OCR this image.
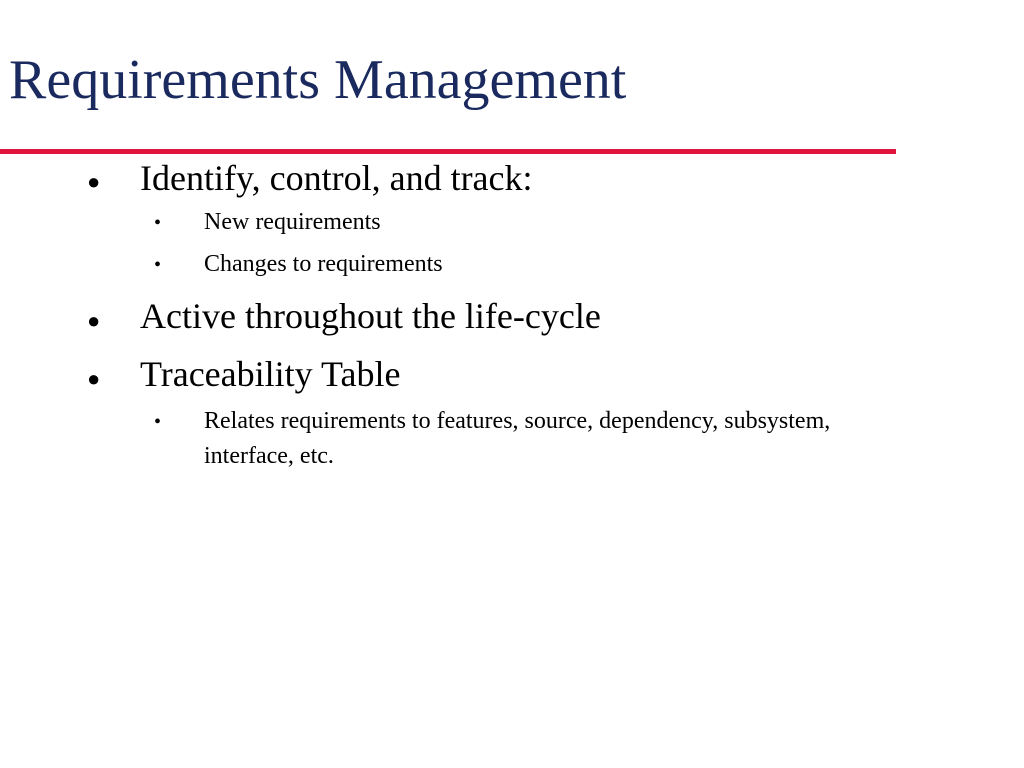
Requirements Management
● Identify, control, and track:
• New requirements
• Changes to requirements
● Active throughout the life-cycle
● Traceability Table
• Relates requirements to features, source, dependency, subsystem, interface, etc.
